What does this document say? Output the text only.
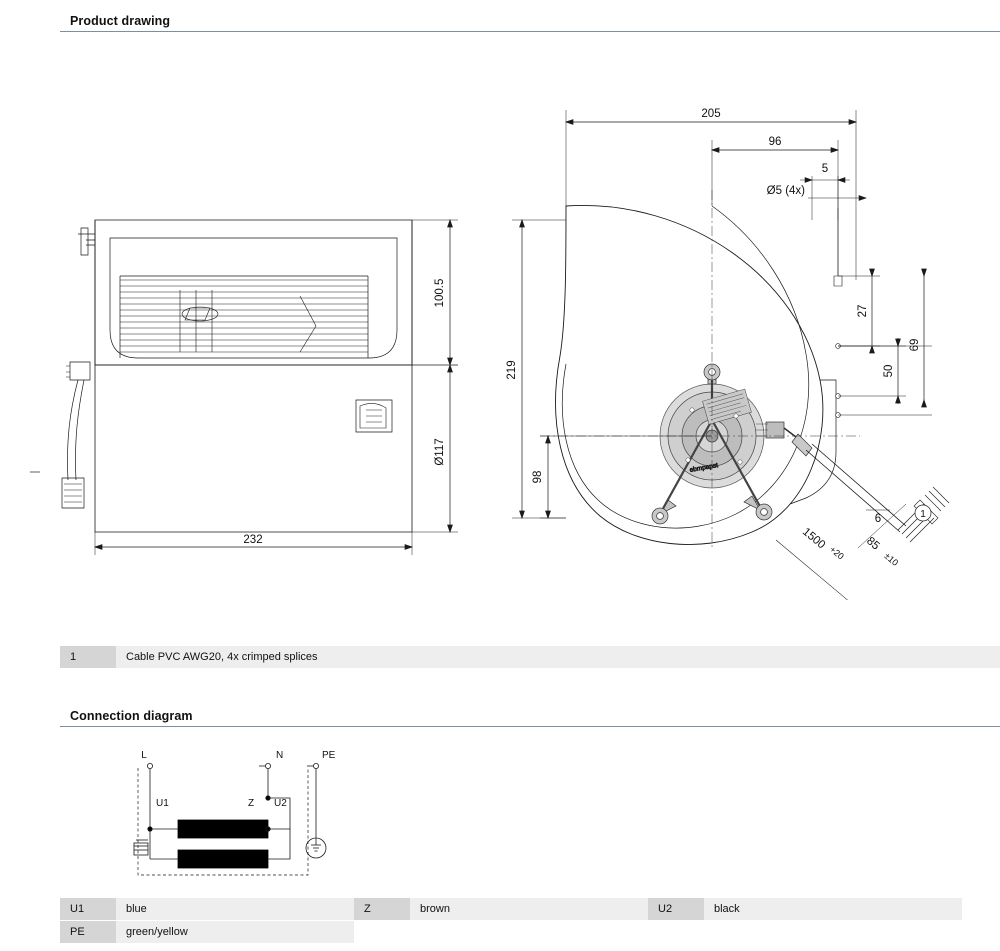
Product drawing
100.5
Ø117
232
ebmpapst
1
205
96
5
Ø5 (4x)
27
50
69
219
98
1500
+20
6
85
±10
1	Cable PVC AWG20, 4x crimped splices
Connection diagram
L	N	PE
U1	Z U2
U1	blue	Z	brown	U2	black
PE	green/yellow
